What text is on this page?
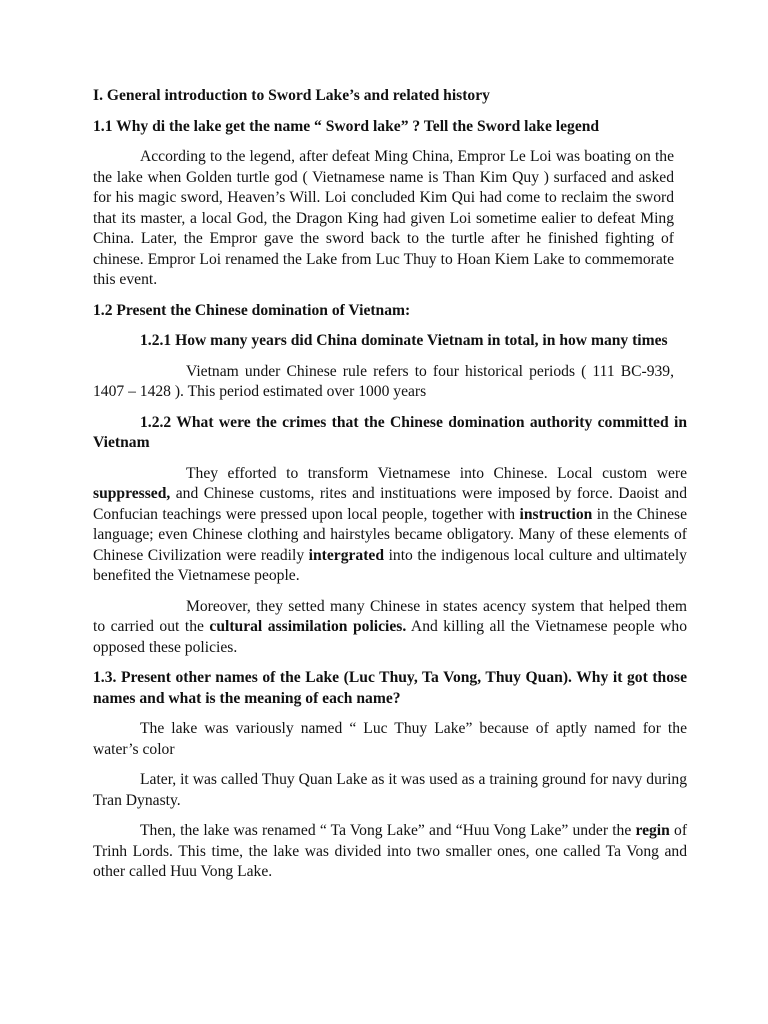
I. General introduction to Sword Lake’s and related history

1.1 Why di the lake get the name “ Sword lake” ? Tell the Sword lake legend

According to the legend, after defeat Ming China, Empror Le Loi was boating on the the lake when Golden turtle god ( Vietnamese name is Than Kim Quy ) surfaced and asked for his magic sword, Heaven’s Will. Loi concluded Kim Qui had come to reclaim the sword that its master, a local God, the Dragon King had given Loi sometime ealier to defeat Ming China. Later, the Empror gave the sword back to the turtle after he finished fighting of chinese. Empror Loi renamed the Lake from Luc Thuy to Hoan Kiem Lake to commemorate this event.

1.2 Present the Chinese domination of Vietnam:

1.2.1 How many years did China dominate Vietnam in total, in how many times

Vietnam under Chinese rule refers to four historical periods ( 111 BC-939, 1407 – 1428 ). This period estimated over 1000 years

1.2.2 What were the crimes that the Chinese domination authority committed in Vietnam

They efforted to transform Vietnamese into Chinese. Local custom were suppressed, and Chinese customs, rites and instituations were imposed by force. Daoist and Confucian teachings were pressed upon local people, together with instruction in the Chinese language; even Chinese clothing and hairstyles became obligatory. Many of these elements of Chinese Civilization were readily intergrated into the indigenous local culture and ultimately benefited the Vietnamese people.

Moreover, they setted many Chinese in states acency system that helped them to carried out the cultural assimilation policies. And killing all the Vietnamese people who opposed these policies.

1.3. Present other names of the Lake (Luc Thuy, Ta Vong, Thuy Quan). Why it got those names and what is the meaning of each name?

The lake was variously named “ Luc Thuy Lake” because of aptly named for the water’s color

Later, it was called Thuy Quan Lake as it was used as a training ground for navy during Tran Dynasty.

Then, the lake was renamed “ Ta Vong Lake” and “Huu Vong Lake” under the regin of Trinh Lords. This time, the lake was divided into two smaller ones, one called Ta Vong and other called Huu Vong Lake.
